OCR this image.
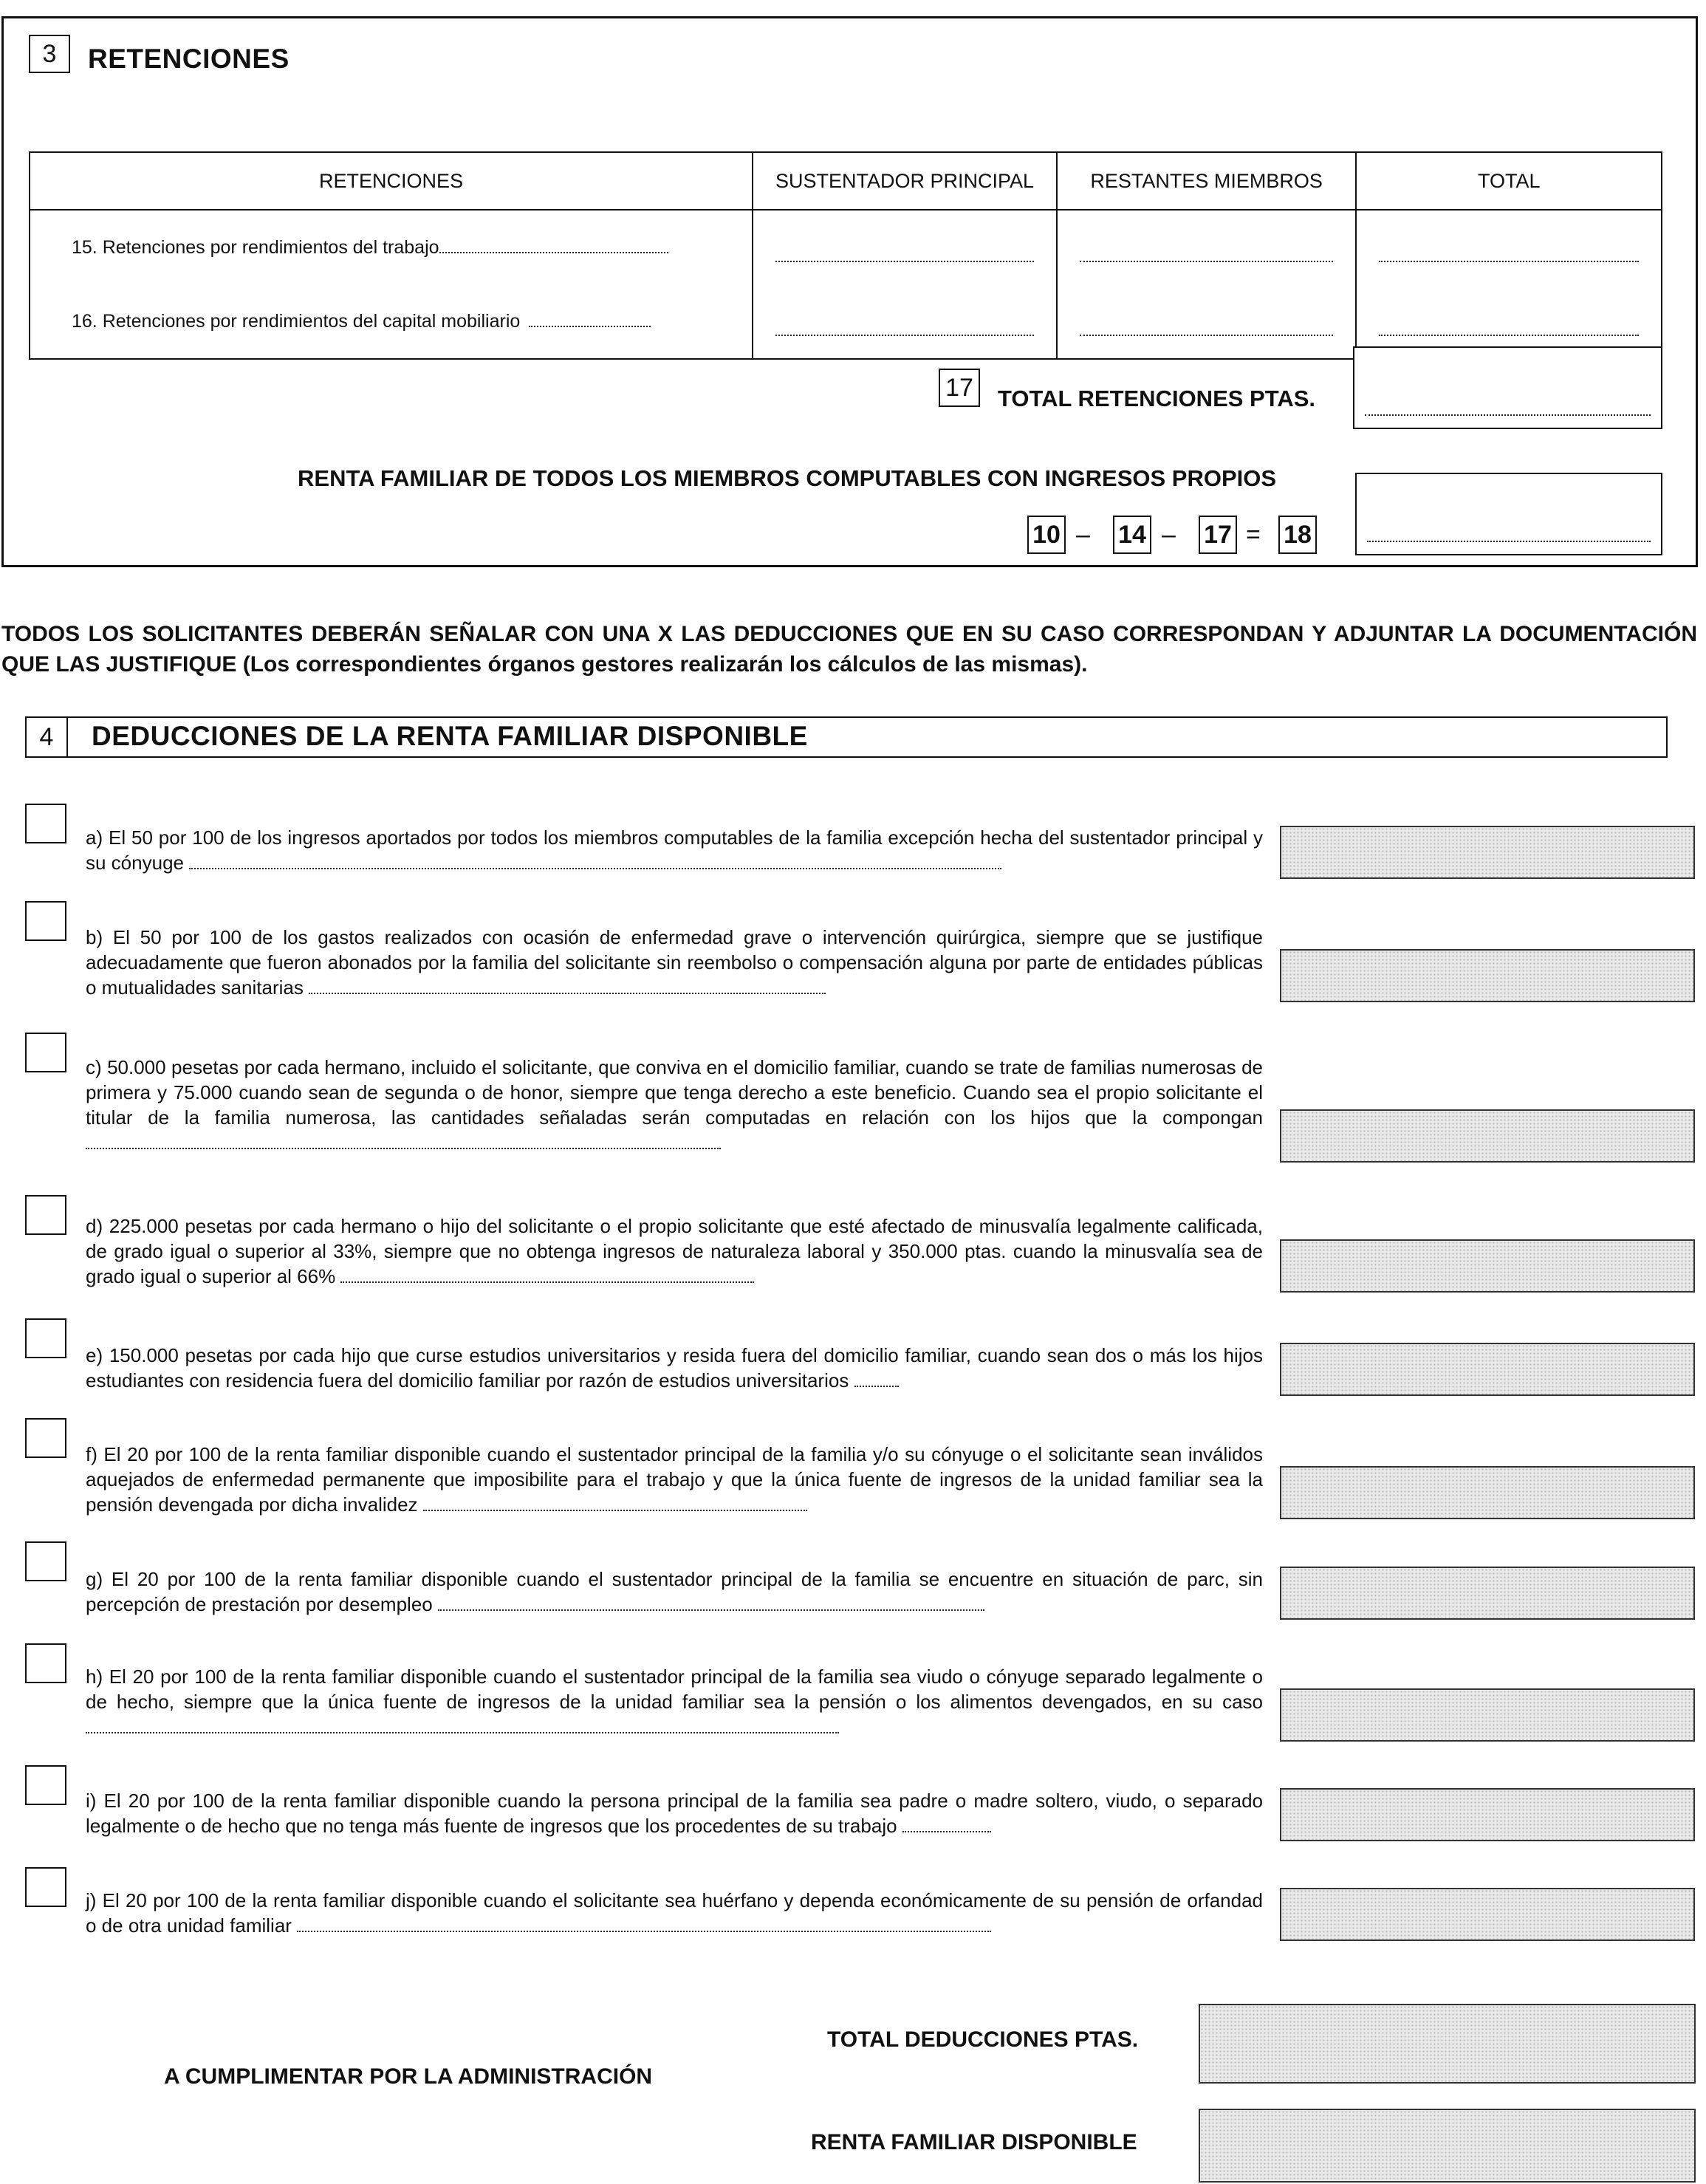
3	RETENCIONES
RETENCIONES	SUSTENTADOR PRINCIPAL	RESTANTES MIEMBROS	TOTAL
15. Retenciones por rendimientos del trabajo	

16. Retenciones por rendimientos del capital mobiliario	

17 TOTAL RETENCIONES PTAS.
RENTA FAMILIAR DE TODOS LOS MIEMBROS COMPUTABLES CON INGRESOS PROPIOS
10 – 14 – 17 = 18
TODOS LOS SOLICITANTES DEBERÁN SEÑALAR CON UNA X LAS DEDUCCIONES QUE EN SU CASO CORRESPONDAN Y ADJUNTAR LA DOCUMENTACIÓN QUE LAS JUSTIFIQUE (Los correspondientes órganos gestores realizarán los cálculos de las mismas).
4	DEDUCCIONES DE LA RENTA FAMILIAR DISPONIBLE
a) El 50 por 100 de los ingresos aportados por todos los miembros computables de la familia excepción hecha del sustentador principal y su cónyuge
b) El 50 por 100 de los gastos realizados con ocasión de enfermedad grave o intervención quirúrgica, siempre que se justifique adecuadamente que fueron abonados por la familia del solicitante sin reembolso o compensación alguna por parte de entidades públicas o mutualidades sanitarias
c) 50.000 pesetas por cada hermano, incluido el solicitante, que conviva en el domicilio familiar, cuando se trate de familias numerosas de primera y 75.000 cuando sean de segunda o de honor, siempre que tenga derecho a este beneficio. Cuando sea el propio solicitante el titular de la familia numerosa, las cantidades señaladas serán computadas en relación con los hijos que la compongan
d) 225.000 pesetas por cada hermano o hijo del solicitante o el propio solicitante que esté afectado de minusvalía legalmente calificada, de grado igual o superior al 33%, siempre que no obtenga ingresos de naturaleza laboral y 350.000 ptas. cuando la minusvalía sea de grado igual o superior al 66%
e) 150.000 pesetas por cada hijo que curse estudios universitarios y resida fuera del domicilio familiar, cuando sean dos o más los hijos estudiantes con residencia fuera del domicilio familiar por razón de estudios universitarios
f) El 20 por 100 de la renta familiar disponible cuando el sustentador principal de la familia y/o su cónyuge o el solicitante sean inválidos aquejados de enfermedad permanente que imposibilite para el trabajo y que la única fuente de ingresos de la unidad familiar sea la pensión devengada por dicha invalidez
g) El 20 por 100 de la renta familiar disponible cuando el sustentador principal de la familia se encuentre en situación de parc, sin percepción de prestación por desempleo
h) El 20 por 100 de la renta familiar disponible cuando el sustentador principal de la familia sea viudo o cónyuge separado legalmente o de hecho, siempre que la única fuente de ingresos de la unidad familiar sea la pensión o los alimentos devengados, en su caso
i) El 20 por 100 de la renta familiar disponible cuando la persona principal de la familia sea padre o madre soltero, viudo, o separado legalmente o de hecho que no tenga más fuente de ingresos que los procedentes de su trabajo
j) El 20 por 100 de la renta familiar disponible cuando el solicitante sea huérfano y dependa económicamente de su pensión de orfandad o de otra unidad familiar
A CUMPLIMENTAR POR LA ADMINISTRACIÓN
TOTAL DEDUCCIONES PTAS.
RENTA FAMILIAR DISPONIBLE
